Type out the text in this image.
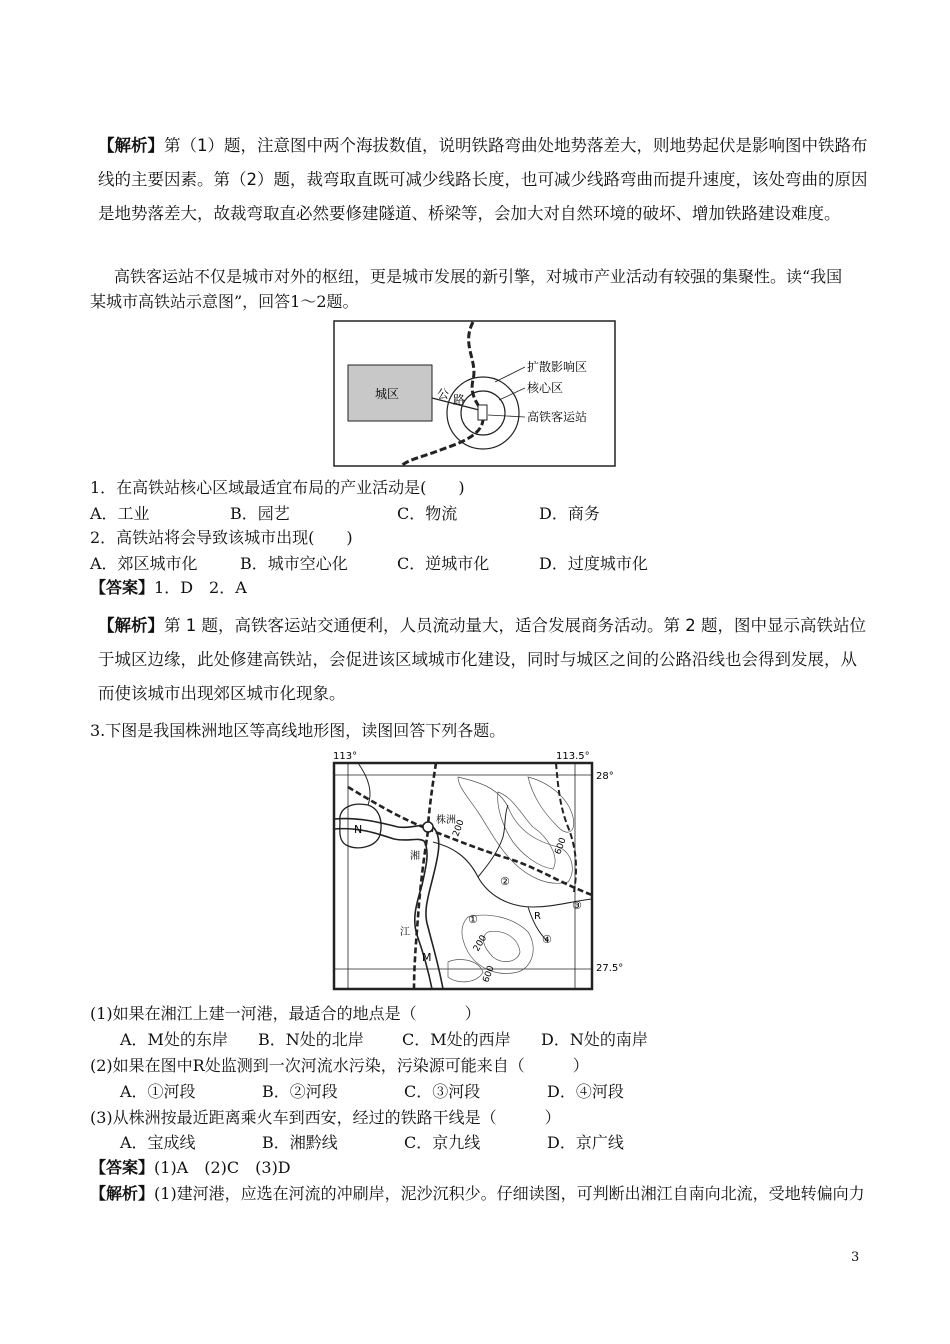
【解析】第（1）题，注意图中两个海拔数值，说明铁路弯曲处地势落差大，则地势起伏是影响图中铁路布
线的主要因素。第（2）题，裁弯取直既可减少线路长度，也可减少线路弯曲而提升速度，该处弯曲的原因
是地势落差大，故裁弯取直必然要修建隧道、桥梁等，会加大对自然环境的破坏、增加铁路建设难度。
高铁客运站不仅是城市对外的枢纽，更是城市发展的新引擎，对城市产业活动有较强的集聚性。读“我国
某城市高铁站示意图”，回答1～2题。
城区	公 路
扩散影响区
核心区
高铁客运站
1．在高铁站核心区域最适宜布局的产业活动是(　　)
A．工业	B．园艺	C．物流	D．商务
2．高铁站将会导致该城市出现(　　)
A．郊区城市化	B．城市空心化	C．逆城市化	D．过度城市化
【答案】1．D　2．A
【解析】第 1 题，高铁客运站交通便利，人员流动量大，适合发展商务活动。第 2 题，图中显示高铁站位
于城区边缘，此处修建高铁站，会促进该区域城市化建设，同时与城区之间的公路沿线也会得到发展，从
而使该城市出现郊区城市化现象。
3.下图是我国株洲地区等高线地形图，读图回答下列各题。
113°	113.5°
28°
27.5°
株洲
N
M
R
湘
江
200
200
600
600
①
②
③
④
(1)如果在湘江上建一河港，最适合的地点是（　　　）
A．M处的东岸 B．N处的北岸 C．M处的西岸 D．N处的南岸
(2)如果在图中R处监测到一次河流水污染，污染源可能来自（　　　）
A．①河段	B．②河段	C．③河段	D．④河段
(3)从株洲按最近距离乘火车到西安，经过的铁路干线是（　　　）
A．宝成线	B．湘黔线	C．京九线	D．京广线
【答案】(1)A　(2)C　(3)D
【解析】(1)建河港，应选在河流的冲刷岸，泥沙沉积少。仔细读图，可判断出湘江自南向北流，受地转偏向力
3
